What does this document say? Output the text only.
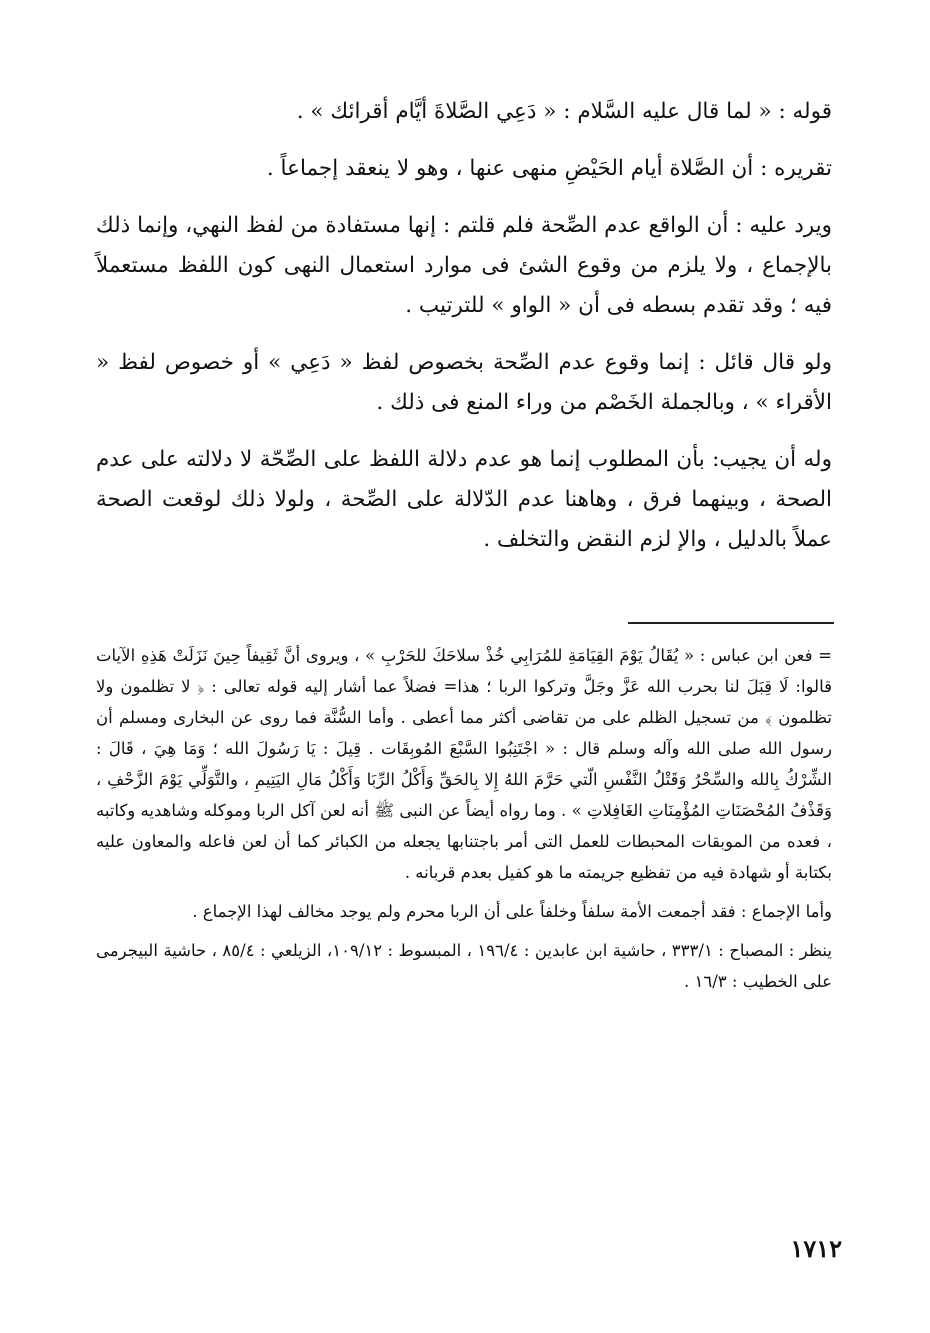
قوله : « لما قال عليه السَّلام : « دَعِي الصَّلاةَ أيَّام أقرائك » .

تقريره : أن الصَّلاة أيام الحَيْضِ منهى عنها ، وهو لا ينعقد إجماعاً .

ويرد عليه : أن الواقع عدم الصِّحة فلم قلتم : إنها مستفادة من لفظ النهي، وإنما ذلك بالإجماع ، ولا يلزم من وقوع الشئ فى موارد استعمال النهى كون اللفظ مستعملاً فيه ؛ وقد تقدم بسطه فى أن « الواو » للترتيب .

ولو قال قائل : إنما وقوع عدم الصِّحة بخصوص لفظ « دَعِي » أو خصوص لفظ « الأقراء » ، وبالجملة الخَصْم من وراء المنع فى ذلك .

وله أن يجيب: بأن المطلوب إنما هو عدم دلالة اللفظ على الصِّحّة لا دلالته على عدم الصحة ، وبينهما فرق ، وهاهنا عدم الدّلالة على الصِّحة ، ولولا ذلك لوقعت الصحة عملاً بالدليل ، والإ لزم النقض والتخلف .

= فعن ابن عباس : « يُقَالُ يَوْمَ القِيَامَةِ للمُرَابِي خُذْ سلاحَكَ للحَرْبِ » ، ويروى أنَّ ثَقِيفاً حِينَ نَزَلَتْ هَذِهِ الآيات قالوا: لَا قِبَلَ لنا بحرب الله عَزَّ وجَلَّ وتركوا الربا ؛ هذا= فضلاً عما أشار إليه قوله تعالى : ﴿ لا تظلمون ولا تظلمون ﴾ من تسجيل الظلم على من تقاضى أكثر مما أعطى . وأما السُّنَّة فما روى عن البخارى ومسلم أن رسول الله صلى الله وآله وسلم قال : « اجْتَنِبُوا السَّبْعَ المُوبِقَات . قِيلَ : يَا رَسُولَ الله ؛ وَمَا هِيَ ، قَالَ : الشِّرْكُ بِالله والسِّحْرُ وَقَتْلُ النَّفْسِ الّتي حَرَّمَ اللهُ إِلا بِالحَقِّ وَأَكْلُ الرِّبَا وَأَكْلُ مَالِ اليَتِيمِ ، والتَّوَلِّي يَوْمَ الزَّحْفِ ، وَقَذْفُ المُحْصَنَاتِ المُؤْمِنَاتِ الغَافِلاتِ » . وما رواه أيضاً عن النبى ﷺ أنه لعن آكل الربا وموكله وشاهديه وكاتبه ، فعده من الموبقات المحبطات للعمل التى أمر باجتنابها يجعله من الكبائر كما أن لعن فاعله والمعاون عليه بكتابة أو شهادة فيه من تفظيع جريمته ما هو كفيل بعدم قربانه .

وأما الإجماع : فقد أجمعت الأمة سلفاً وخلفاً على أن الربا محرم ولم يوجد مخالف لهذا الإجماع .

ينظر : المصباح : ٣٣٣/١ ، حاشية ابن عابدين : ١٩٦/٤ ، المبسوط : ١٠٩/١٢، الزيلعي : ٨٥/٤ ، حاشية البيجرمى على الخطيب : ١٦/٣ .

١٧١٢
